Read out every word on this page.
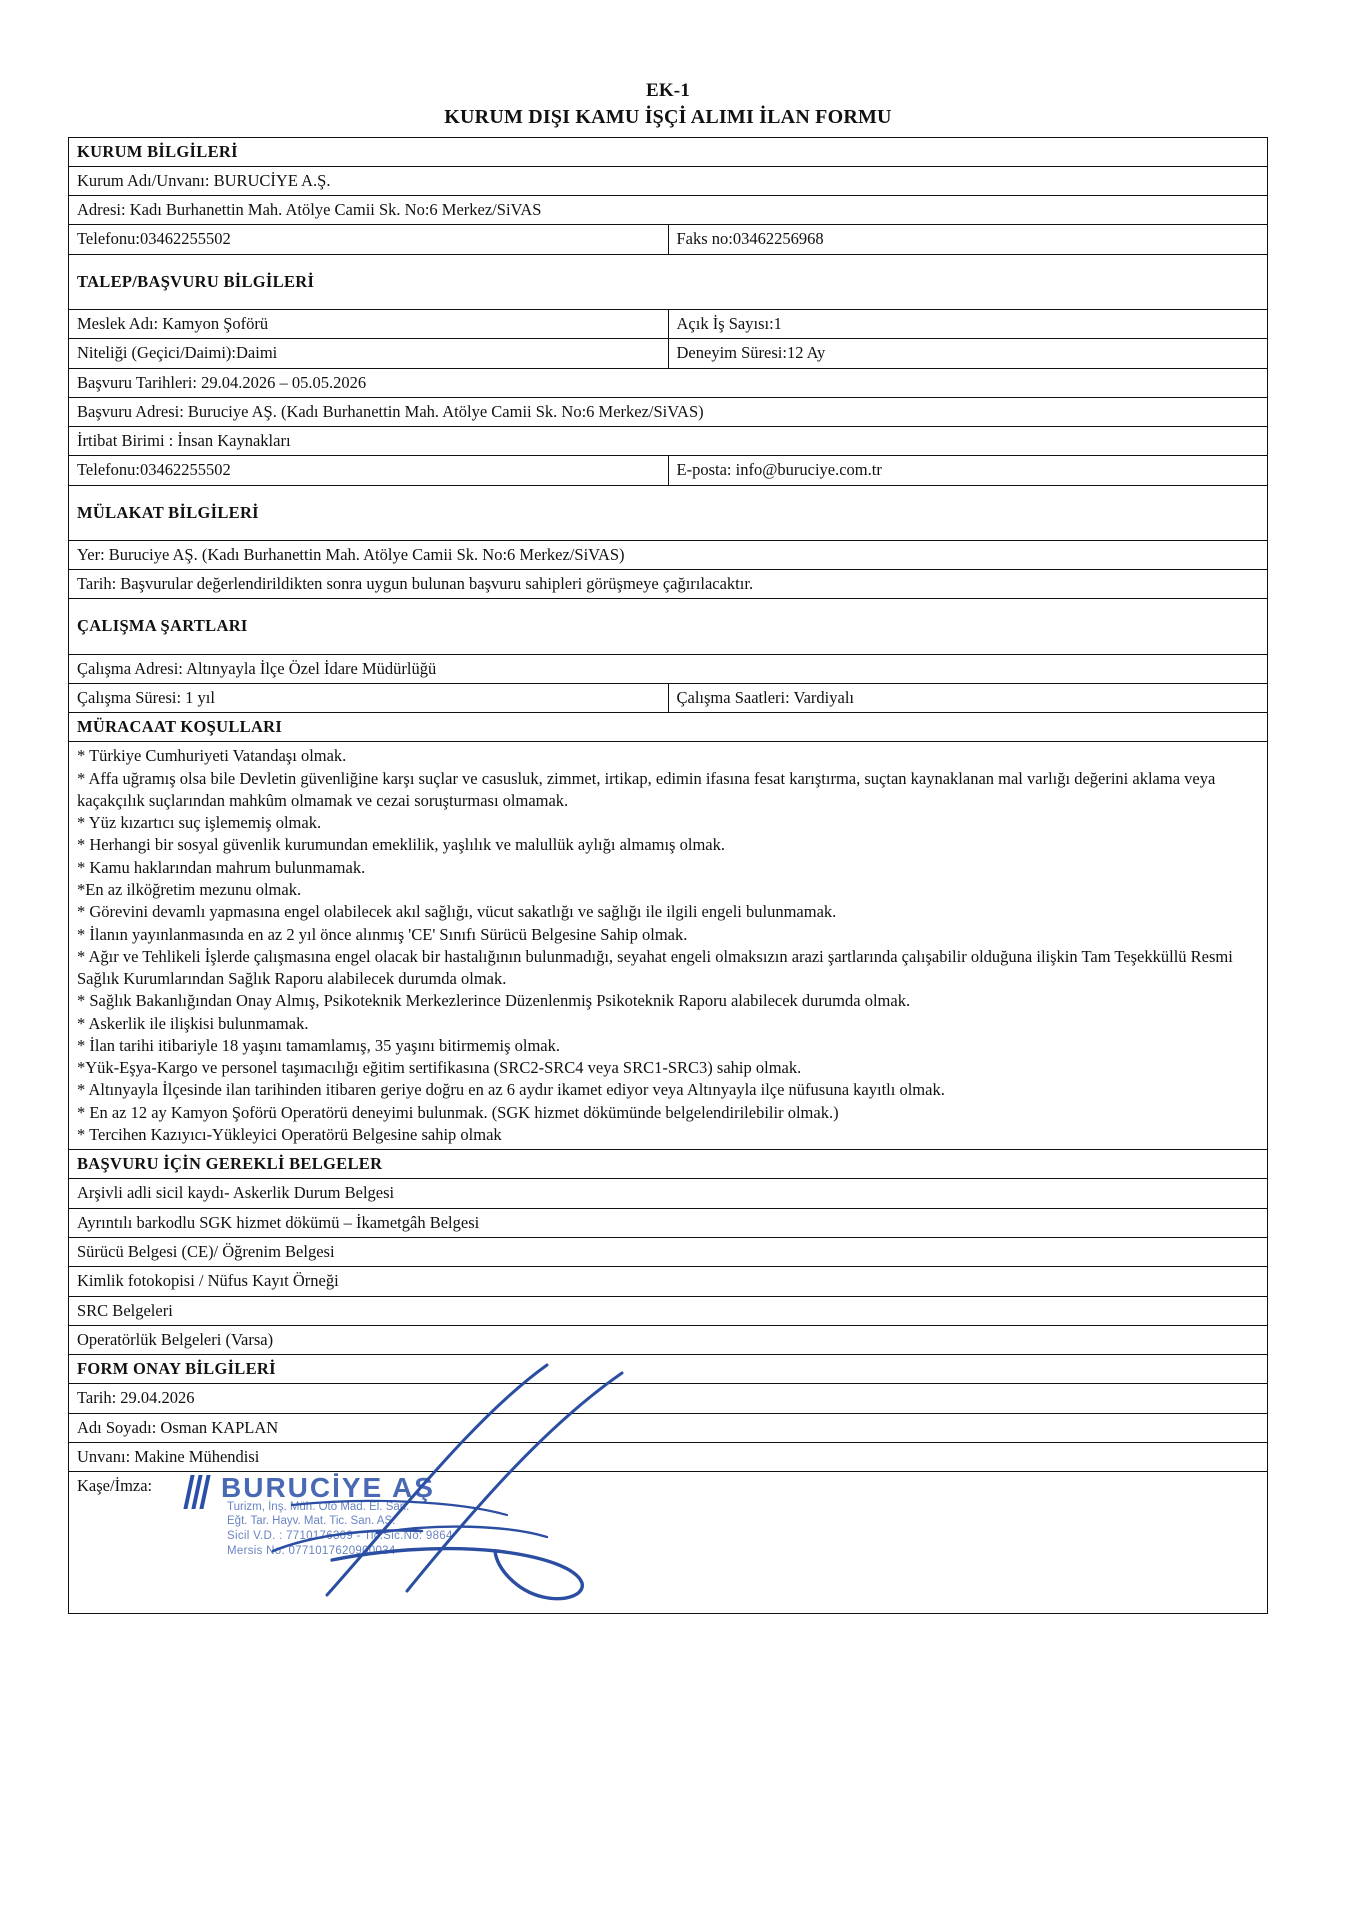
EK-1
KURUM DIŞI KAMU İŞÇİ ALIMI İLAN FORMU
KURUM BİLGİLERİ	
Kurum Adı/Unvanı: BURUCİYE A.Ş.	
Adresi: Kadı Burhanettin Mah. Atölye Camii Sk. No:6 Merkez/SiVAS	
Telefonu:03462255502	Faks no:03462256968
TALEP/BAŞVURU BİLGİLERİ	
Meslek Adı: Kamyon Şoförü	Açık İş Sayısı:1
Niteliği (Geçici/Daimi):Daimi	Deneyim Süresi:12 Ay
Başvuru Tarihleri: 29.04.2026 – 05.05.2026	
Başvuru Adresi: Buruciye AŞ. (Kadı Burhanettin Mah. Atölye Camii Sk. No:6 Merkez/SiVAS)	
İrtibat Birimi : İnsan Kaynakları	
Telefonu:03462255502	E-posta: info@buruciye.com.tr
MÜLAKAT BİLGİLERİ	
Yer: Buruciye AŞ. (Kadı Burhanettin Mah. Atölye Camii Sk. No:6 Merkez/SiVAS)	
Tarih: Başvurular değerlendirildikten sonra uygun bulunan başvuru sahipleri görüşmeye çağırılacaktır.	
ÇALIŞMA ŞARTLARI	
Çalışma Adresi: Altınyayla İlçe Özel İdare Müdürlüğü	
Çalışma Süresi: 1 yıl	Çalışma Saatleri: Vardiyalı
MÜRACAAT KOŞULLARI	

* Türkiye Cumhuriyeti Vatandaşı olmak.

* Affa uğramış olsa bile Devletin güvenliğine karşı suçlar ve casusluk, zimmet, irtikap, edimin ifasına fesat karıştırma, suçtan kaynaklanan mal varlığı değerini aklama veya kaçakçılık suçlarından mahkûm olmamak ve cezai soruşturması olmamak.

* Yüz kızartıcı suç işlememiş olmak.

* Herhangi bir sosyal güvenlik kurumundan emeklilik, yaşlılık ve malullük aylığı almamış olmak.

* Kamu haklarından mahrum bulunmamak.

*En az ilköğretim mezunu olmak.

* Görevini devamlı yapmasına engel olabilecek akıl sağlığı, vücut sakatlığı ve sağlığı ile ilgili engeli bulunmamak.

* İlanın yayınlanmasında en az 2 yıl önce alınmış 'CE' Sınıfı Sürücü Belgesine Sahip olmak.

* Ağır ve Tehlikeli İşlerde çalışmasına engel olacak bir hastalığının bulunmadığı, seyahat engeli olmaksızın arazi şartlarında çalışabilir olduğuna ilişkin Tam Teşekküllü Resmi Sağlık Kurumlarından Sağlık Raporu alabilecek durumda olmak.

* Sağlık Bakanlığından Onay Almış, Psikoteknik Merkezlerince Düzenlenmiş Psikoteknik Raporu alabilecek durumda olmak.

* Askerlik ile ilişkisi bulunmamak.

* İlan tarihi itibariyle 18 yaşını tamamlamış, 35 yaşını bitirmemiş olmak.

*Yük-Eşya-Kargo ve personel taşımacılığı eğitim sertifikasına (SRC2-SRC4 veya SRC1-SRC3) sahip olmak.

* Altınyayla İlçesinde ilan tarihinden itibaren geriye doğru en az 6 aydır ikamet ediyor veya Altınyayla ilçe nüfusuna kayıtlı olmak.

* En az 12 ay Kamyon Şoförü Operatörü deneyimi bulunmak. (SGK hizmet dökümünde belgelendirilebilir olmak.)

* Tercihen Kazıyıcı-Yükleyici Operatörü Belgesine sahip olmak

BAŞVURU İÇİN GEREKLİ BELGELER	
Arşivli adli sicil kaydı- Askerlik Durum Belgesi	
Ayrıntılı barkodlu SGK hizmet dökümü – İkametgâh Belgesi	
Sürücü Belgesi (CE)/ Öğrenim Belgesi	
Kimlik fotokopisi / Nüfus Kayıt Örneği	
SRC Belgeleri	
Operatörlük Belgeleri (Varsa)	
FORM ONAY BİLGİLERİ	
Tarih: 29.04.2026	
Adı Soyadı: Osman KAPLAN	
Unvanı: Makine Mühendisi	

Kaşe/İmza: BURUCİYE AŞ
Turizm, İnş. Müh. Oto Mad. El. San.
Eğt. Tar. Hayv. Mat. Tic. San. AŞ.
Sicil V.D. : 7710176309 - Tic.Sic.No: 9864
Mersis No: 0771017620900034
